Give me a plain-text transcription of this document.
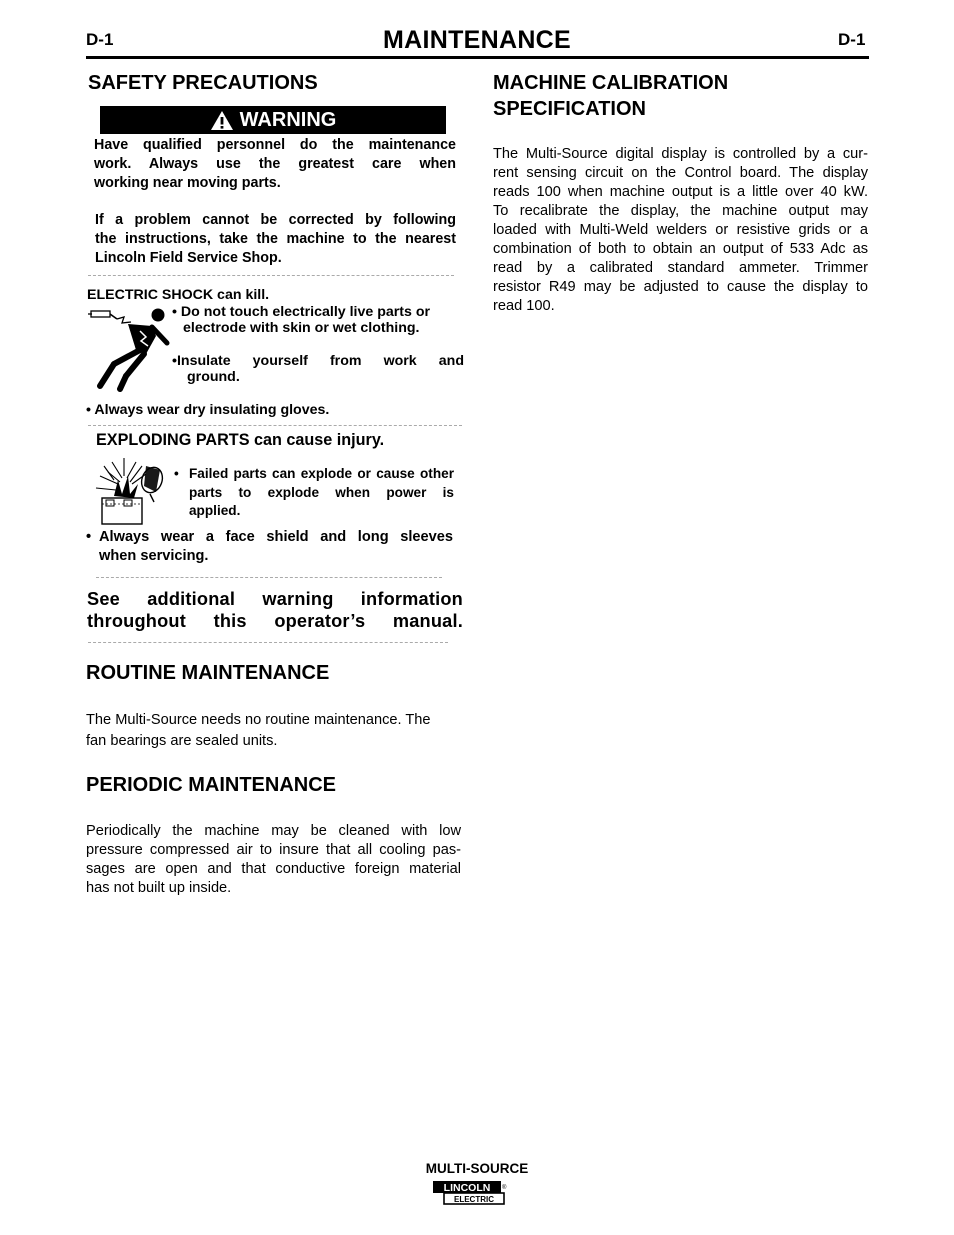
D-1	MAINTENANCE	D-1
SAFETY PRECAUTIONS
WARNING
Have qualified personnel do the maintenance
work. Always use the greatest care when
working near moving parts.
If a problem cannot be corrected by following
the instructions, take the machine to the nearest
Lincoln Field Service Shop.
ELECTRIC SHOCK can kill.
• Do not touch electrically live parts or
electrode with skin or wet clothing.
•Insulate yourself from work and
ground.
• Always wear dry insulating gloves.
EXPLODING PARTS can cause injury.
• Failed parts can explode or cause other
parts to explode when power is
applied.
• Always wear a face shield and long sleeves
when servicing.
See additional warning information
throughout this operator’s manual.
ROUTINE MAINTENANCE
The Multi-Source needs no routine maintenance. The
fan bearings are sealed units.
PERIODIC MAINTENANCE
Periodically the machine may be cleaned with low
pressure compressed air to insure that all cooling pas-
sages are open and that conductive foreign material
has not built up inside.
MACHINE CALIBRATION
SPECIFICATION
The Multi-Source digital display is controlled by a cur-
rent sensing circuit on the Control board. The display
reads 100 when machine output is a little over 40 kW.
To recalibrate the display, the machine output may
loaded with Multi-Weld welders or resistive grids or a
combination of both to obtain an output of 533 Adc as
read by a calibrated standard ammeter. Trimmer
resistor R49 may be adjusted to cause the display to
read 100.
MULTI-SOURCE
LINCOLN
ELECTRIC
®
